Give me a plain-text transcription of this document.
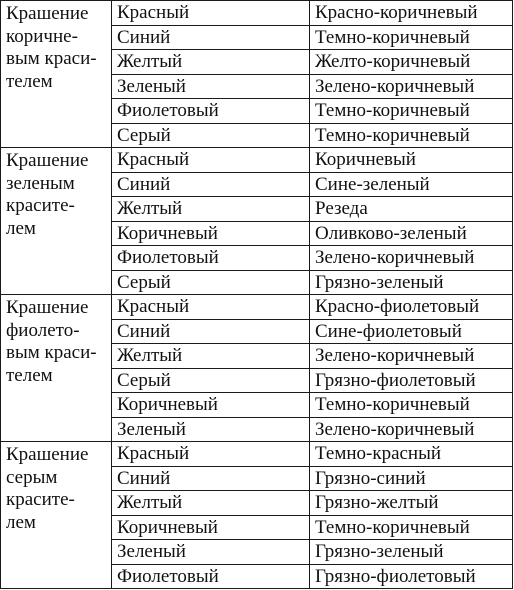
Крашение
коричне-
вым краси-
телем	Красный	Красно-коричневый
	Синий	Темно-коричневый
	Желтый	Желто-коричневый
	Зеленый	Зелено-коричневый
	Фиолетовый	Темно-коричневый
	Серый	Темно-коричневый

Крашение
зеленым
красите-
лем	Красный	Коричневый
	Синий	Сине-зеленый
	Желтый	Резеда
	Коричневый	Оливково-зеленый
	Фиолетовый	Зелено-коричневый
	Серый	Грязно-зеленый

Крашение
фиолето-
вым краси-
телем	Красный	Красно-фиолетовый
	Синий	Сине-фиолетовый
	Желтый	Зелено-коричневый
	Серый	Грязно-фиолетовый
	Коричневый	Темно-коричневый
	Зеленый	Зелено-коричневый

Крашение
серым
красите-
лем	Красный	Темно-красный
	Синий	Грязно-синий
	Желтый	Грязно-желтый
	Коричневый	Темно-коричневый
	Зеленый	Грязно-зеленый
	Фиолетовый	Грязно-фиолетовый
